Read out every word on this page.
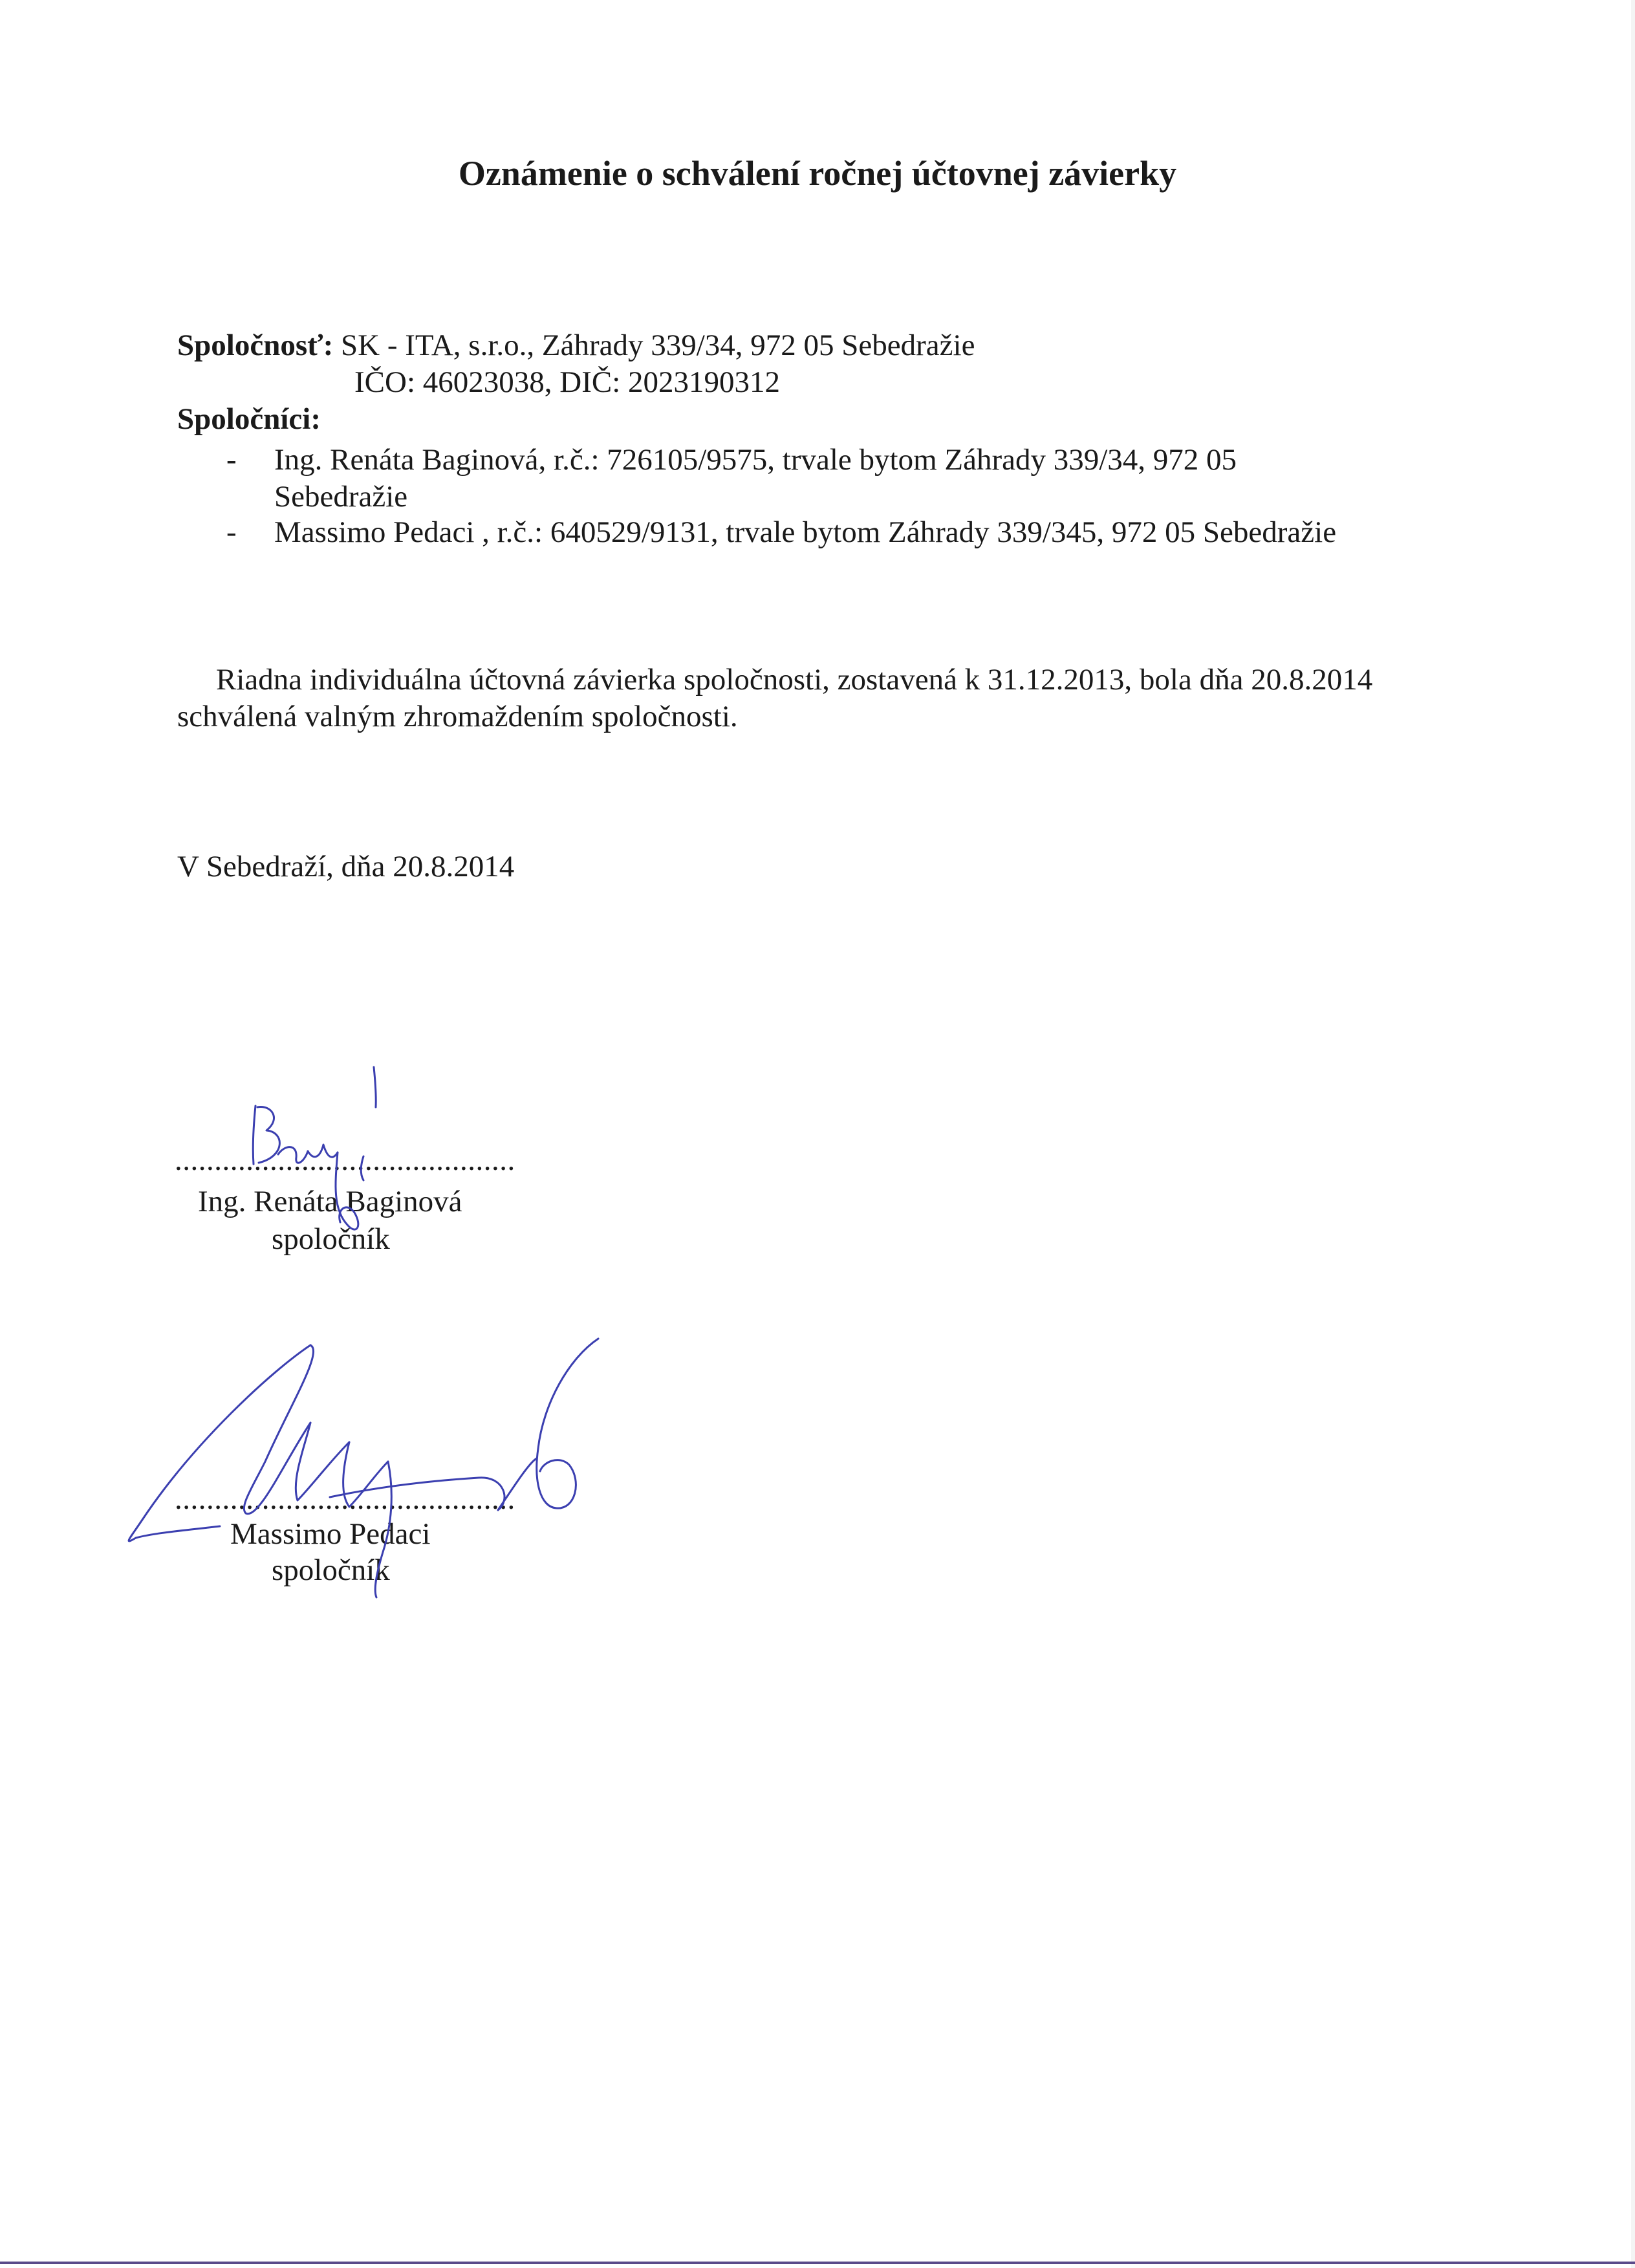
Oznámenie o schválení ročnej účtovnej závierky
Spoločnosť: SK - ITA, s.r.o., Záhrady 339/34, 972 05 Sebedražie
IČO: 46023038, DIČ: 2023190312
Spoločníci:
- Ing. Renáta Baginová, r.č.: 726105/9575, trvale bytom Záhrady 339/34, 972 05 Sebedražie
- Massimo Pedaci , r.č.: 640529/9131, trvale bytom Záhrady 339/345, 972 05 Sebedražie

Riadna individuálna účtovná závierka spoločnosti, zostavená k 31.12.2013, bola dňa 20.8.2014 schválená valným zhromaždením spoločnosti.

V Sebedraží, dňa 20.8.2014
...........................................
Ing. Renáta Baginová
spoločník
...........................................
Massimo Pedaci
spoločník
